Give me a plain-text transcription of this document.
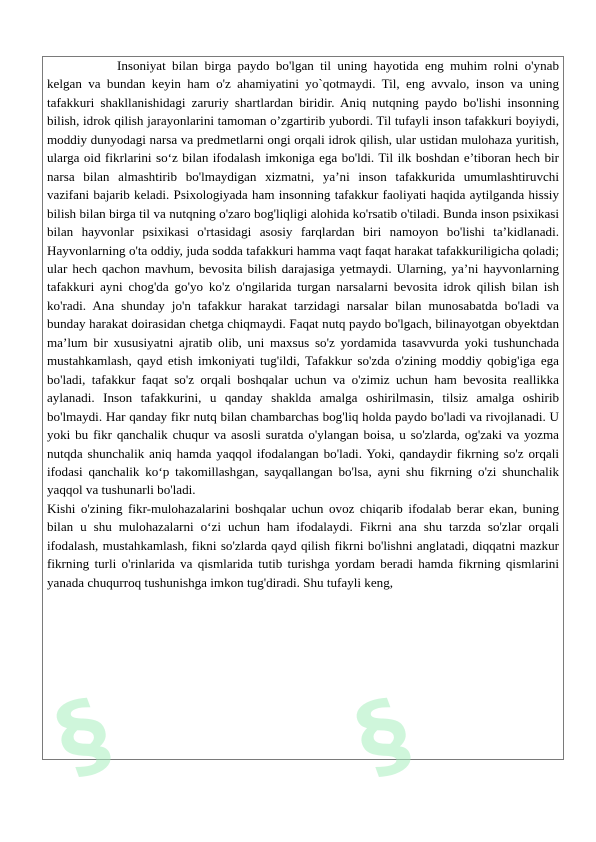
§ §

Insoniyat bilan birga paydo bo'lgan til uning hayotida eng muhim rolni o'ynab kelgan va bundan keyin ham o'z ahamiyatini yo`qotmaydi. Til, eng avvalo, inson va uning tafakkuri shakllanishidagi zaruriy shartlardan biridir. Aniq nutqning paydo bo'lishi insonning bilish, idrok qilish jarayonlarini tamoman o’zgartirib yubordi. Til tufayli inson tafakkuri boyiydi, moddiy dunyodagi narsa va predmetlarni ongi orqali idrok qilish, ular ustidan mulohaza yuritish, ularga oid fikrlarini so‘z bilan ifodalash imkoniga ega bo'ldi. Til ilk boshdan e’tiboran hech bir narsa bilan almashtirib bo'lmaydigan xizmatni, ya’ni inson tafakkurida umumlashtiruvchi vazifani bajarib keladi. Psixologiyada ham insonning tafakkur faoliyati haqida aytilganda hissiy bilish bilan birga til va nutqning o'zaro bog'liqligi alohida ko'rsatib o'tiladi. Bunda inson psixikasi bilan hayvonlar psixikasi o'rtasidagi asosiy farqlardan biri namoyon bo'lishi ta’kidlanadi. Hayvonlarning o'ta oddiy, juda sodda tafakkuri hamma vaqt faqat harakat tafakkuriligicha qoladi; ular hech qachon mavhum, bevosita bilish darajasiga yetmaydi. Ularning, ya’ni hayvonlarning tafakkuri ayni chog'da go'yo ko'z o'ngilarida turgan narsalarni bevosita idrok qilish bilan ish ko'radi. Ana shunday jo'n tafakkur harakat tarzidagi narsalar bilan munosabatda bo'ladi va bunday harakat doirasidan chetga chiqmaydi. Faqat nutq paydo bo'lgach, bilinayotgan obyektdan ma’lum bir xususiyatni ajratib olib, uni maxsus so'z yordamida tasavvurda yoki tushunchada mustahkamlash, qayd etish imkoniyati tug'ildi, Tafakkur so'zda o'zining moddiy qobig'iga ega bo'ladi, tafakkur faqat so'z orqali boshqalar uchun va o'zimiz uchun ham bevosita reallikka aylanadi. Inson tafakkurini, u qanday shaklda amalga oshirilmasin, tilsiz amalga oshirib bo'lmaydi. Har qanday fikr nutq bilan chambarchas bog'liq holda paydo bo'ladi va rivojlanadi. U yoki bu fikr qanchalik chuqur va asosli suratda o'ylangan boisa, u so'zlarda, og'zaki va yozma nutqda shunchalik aniq hamda yaqqol ifodalangan bo'ladi. Yoki, qandaydir fikrning so'z orqali ifodasi qanchalik ko‘p takomillashgan, sayqallangan bo'lsa, ayni shu fikrning o'zi shunchalik yaqqol va tushunarli bo'ladi.

Kishi o'zining fikr-mulohazalarini boshqalar uchun ovoz chiqarib ifodalab berar ekan, buning bilan u shu mulohazalarni o‘zi uchun ham ifodalaydi. Fikrni ana shu tarzda so'zlar orqali ifodalash, mustahkamlash, fikni so'zlarda qayd qilish fikrni bo'lishni anglatadi, diqqatni mazkur fikrning turli o'rinlarida va qismlarida tutib turishga yordam beradi hamda fikrning qismlarini yanada chuqurroq tushunishga imkon tug'diradi. Shu tufayli keng,
